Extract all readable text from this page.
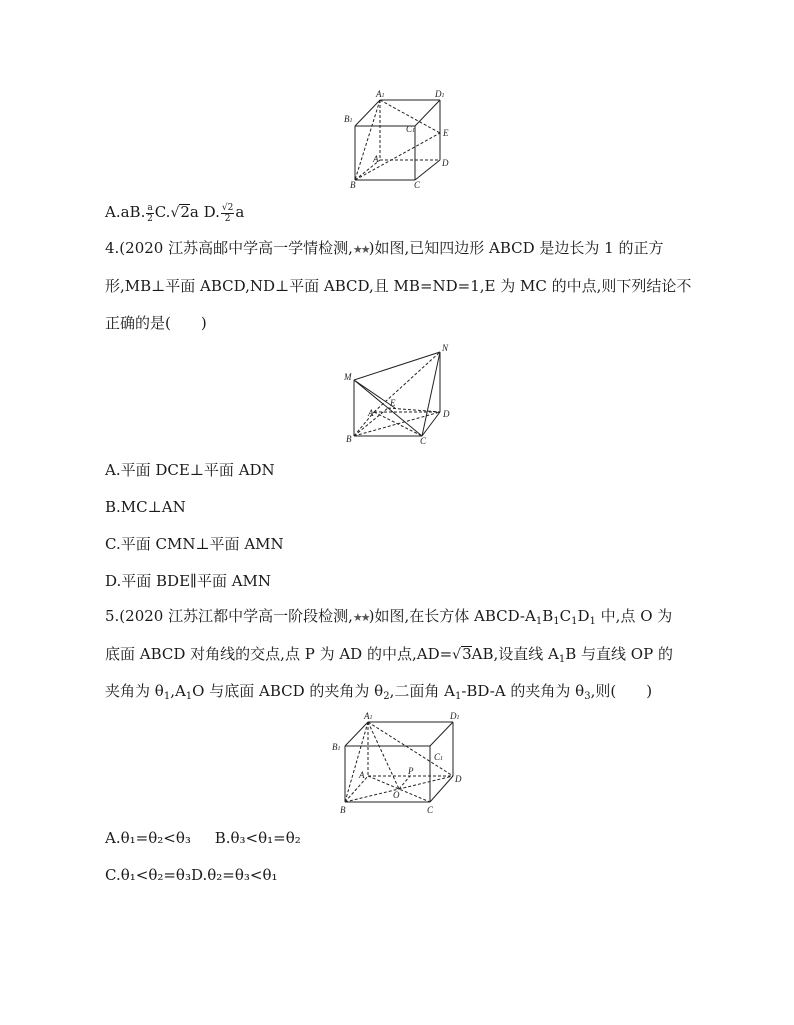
A1	D1
B1
C1	E
A	D
B	C
A.aB. $\frac{a}{2} C.√2a$ D. $\frac{√2}{2}$ a
4.(2020 江苏高邮中学高一学情检测,★★)如图,已知四边形 ABCD 是边长为 1 的正方
形,MB⊥平面 ABCD,ND⊥平面 ABCD,且 MB=ND=1,E 为 MC 的中点,则下列结论不
正确的是(　　)
N
M
A
E
D
B	C
A.平面 DCE⊥平面 ADN
B.MC⊥AN
C.平面 CMN⊥平面 AMN
D.平面 BDE∥平面 AMN
5.(2020 江苏江都中学高一阶段检测,★★)如图,在长方体 ABCD-$A_1B_1C_1D_1$ 中,点 O 为
底面 ABCD 对角线的交点,点 P 为 AD 的中点,AD=√3AB,设直线 $A_1B$ 与直线 OP 的
夹角为 $\theta_1,A_1O$ 与底面 ABCD 的夹角为 $\theta_2$,二面角 $A_1-BD-A$ 的夹角为 $\theta_3$,则(　　)
A1	D1
B1
C1
A	P
D
O
B	C
A.θ₁=θ₂<θ₃ B.θ₃<θ₁=θ₂
C.θ₁<θ₂=θ₃D.θ₂=θ₃<θ₁
